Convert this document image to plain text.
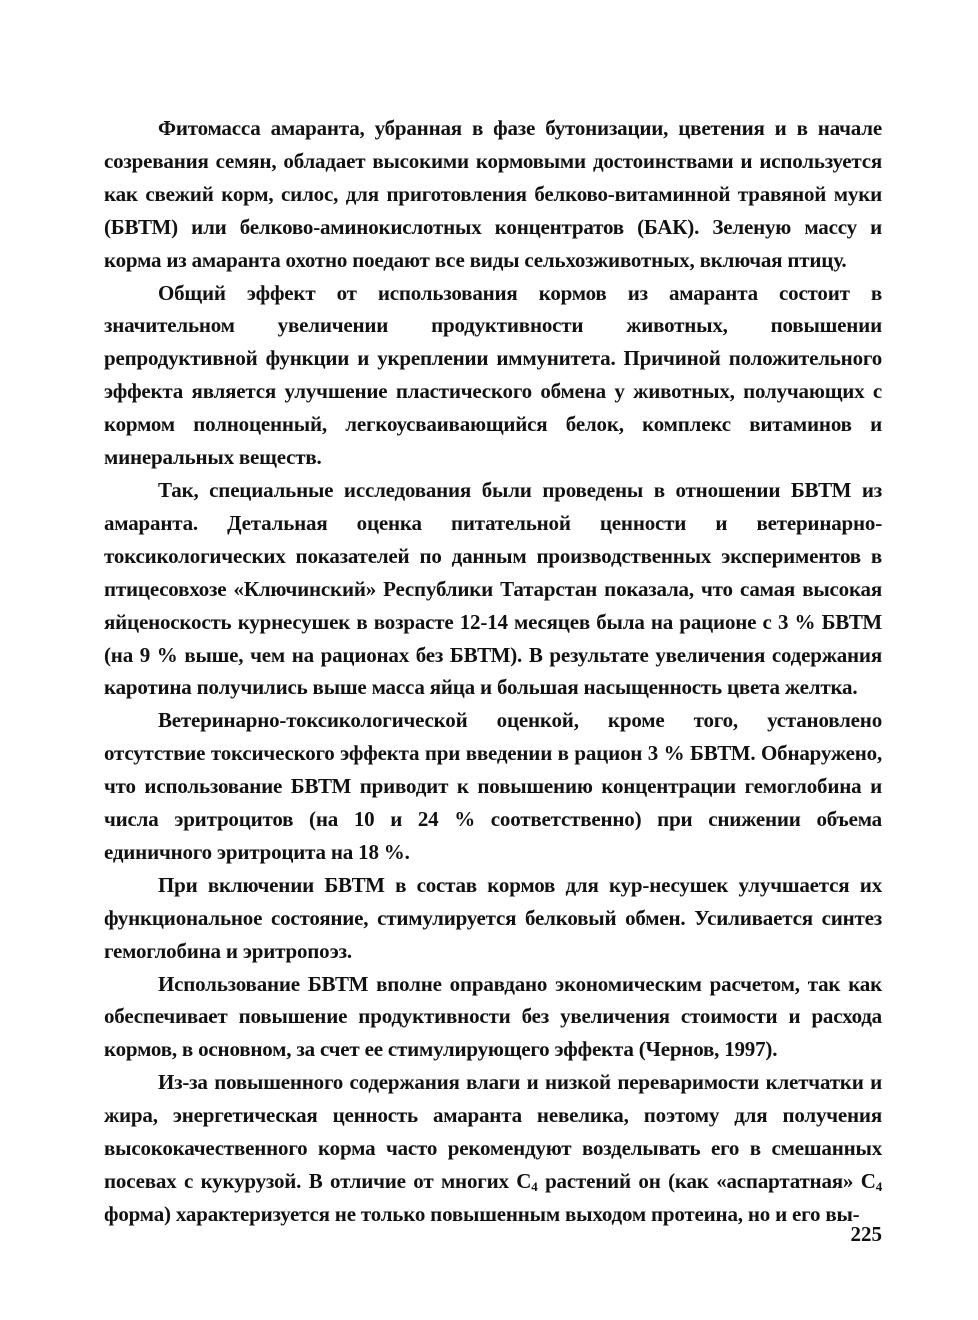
Фитомасса амаранта, убранная в фазе бутонизации, цветения и в начале созревания семян, обладает высокими кормовыми достоинствами и используется как свежий корм, силос, для приготовления белково-витаминной травяной муки (БВТМ) или белково-аминокислотных концентратов (БАК). Зеленую массу и корма из амаранта охотно поедают все виды сельхозживотных, включая птицу.

Общий эффект от использования кормов из амаранта состоит в значительном увеличении продуктивности животных, повышении репродуктивной функции и укреплении иммунитета. Причиной положительного эффекта является улучшение пластического обмена у животных, получающих с кормом полноценный, легкоусваивающийся белок, комплекс витаминов и минеральных веществ.

Так, специальные исследования были проведены в отношении БВТМ из амаранта. Детальная оценка питательной ценности и ветеринарно-токсикологических показателей по данным производственных экспериментов в птицесовхозе «Ключинский» Республики Татарстан показала, что самая высокая яйценоскость курнесушек в возрасте 12-14 месяцев была на рационе с 3 % БВТМ (на 9 % выше, чем на рационах без БВТМ). В результате увеличения содержания каротина получились выше масса яйца и большая насыщенность цвета желтка.

Ветеринарно-токсикологической оценкой, кроме того, установлено отсутствие токсического эффекта при введении в рацион 3 % БВТМ. Обнаружено, что использование БВТМ приводит к повышению концентрации гемоглобина и числа эритроцитов (на 10 и 24 % соответственно) при снижении объема единичного эритроцита на 18 %.

При включении БВТМ в состав кормов для кур-несушек улучшается их функциональное состояние, стимулируется белковый обмен. Усиливается синтез гемоглобина и эритропоэз.

Использование БВТМ вполне оправдано экономическим расчетом, так как обеспечивает повышение продуктивности без увеличения стоимости и расхода кормов, в основном, за счет ее стимулирующего эффекта (Чернов, 1997).

Из-за повышенного содержания влаги и низкой переваримости клетчатки и жира, энергетическая ценность амаранта невелика, поэтому для получения высококачественного корма часто рекомендуют возделывать его в смешанных посевах с кукурузой. В отличие от многих $С_4$ растений он (как «аспартатная» $С_4$ форма) характеризуется не только повышенным выходом протеина, но и его вы-

225
